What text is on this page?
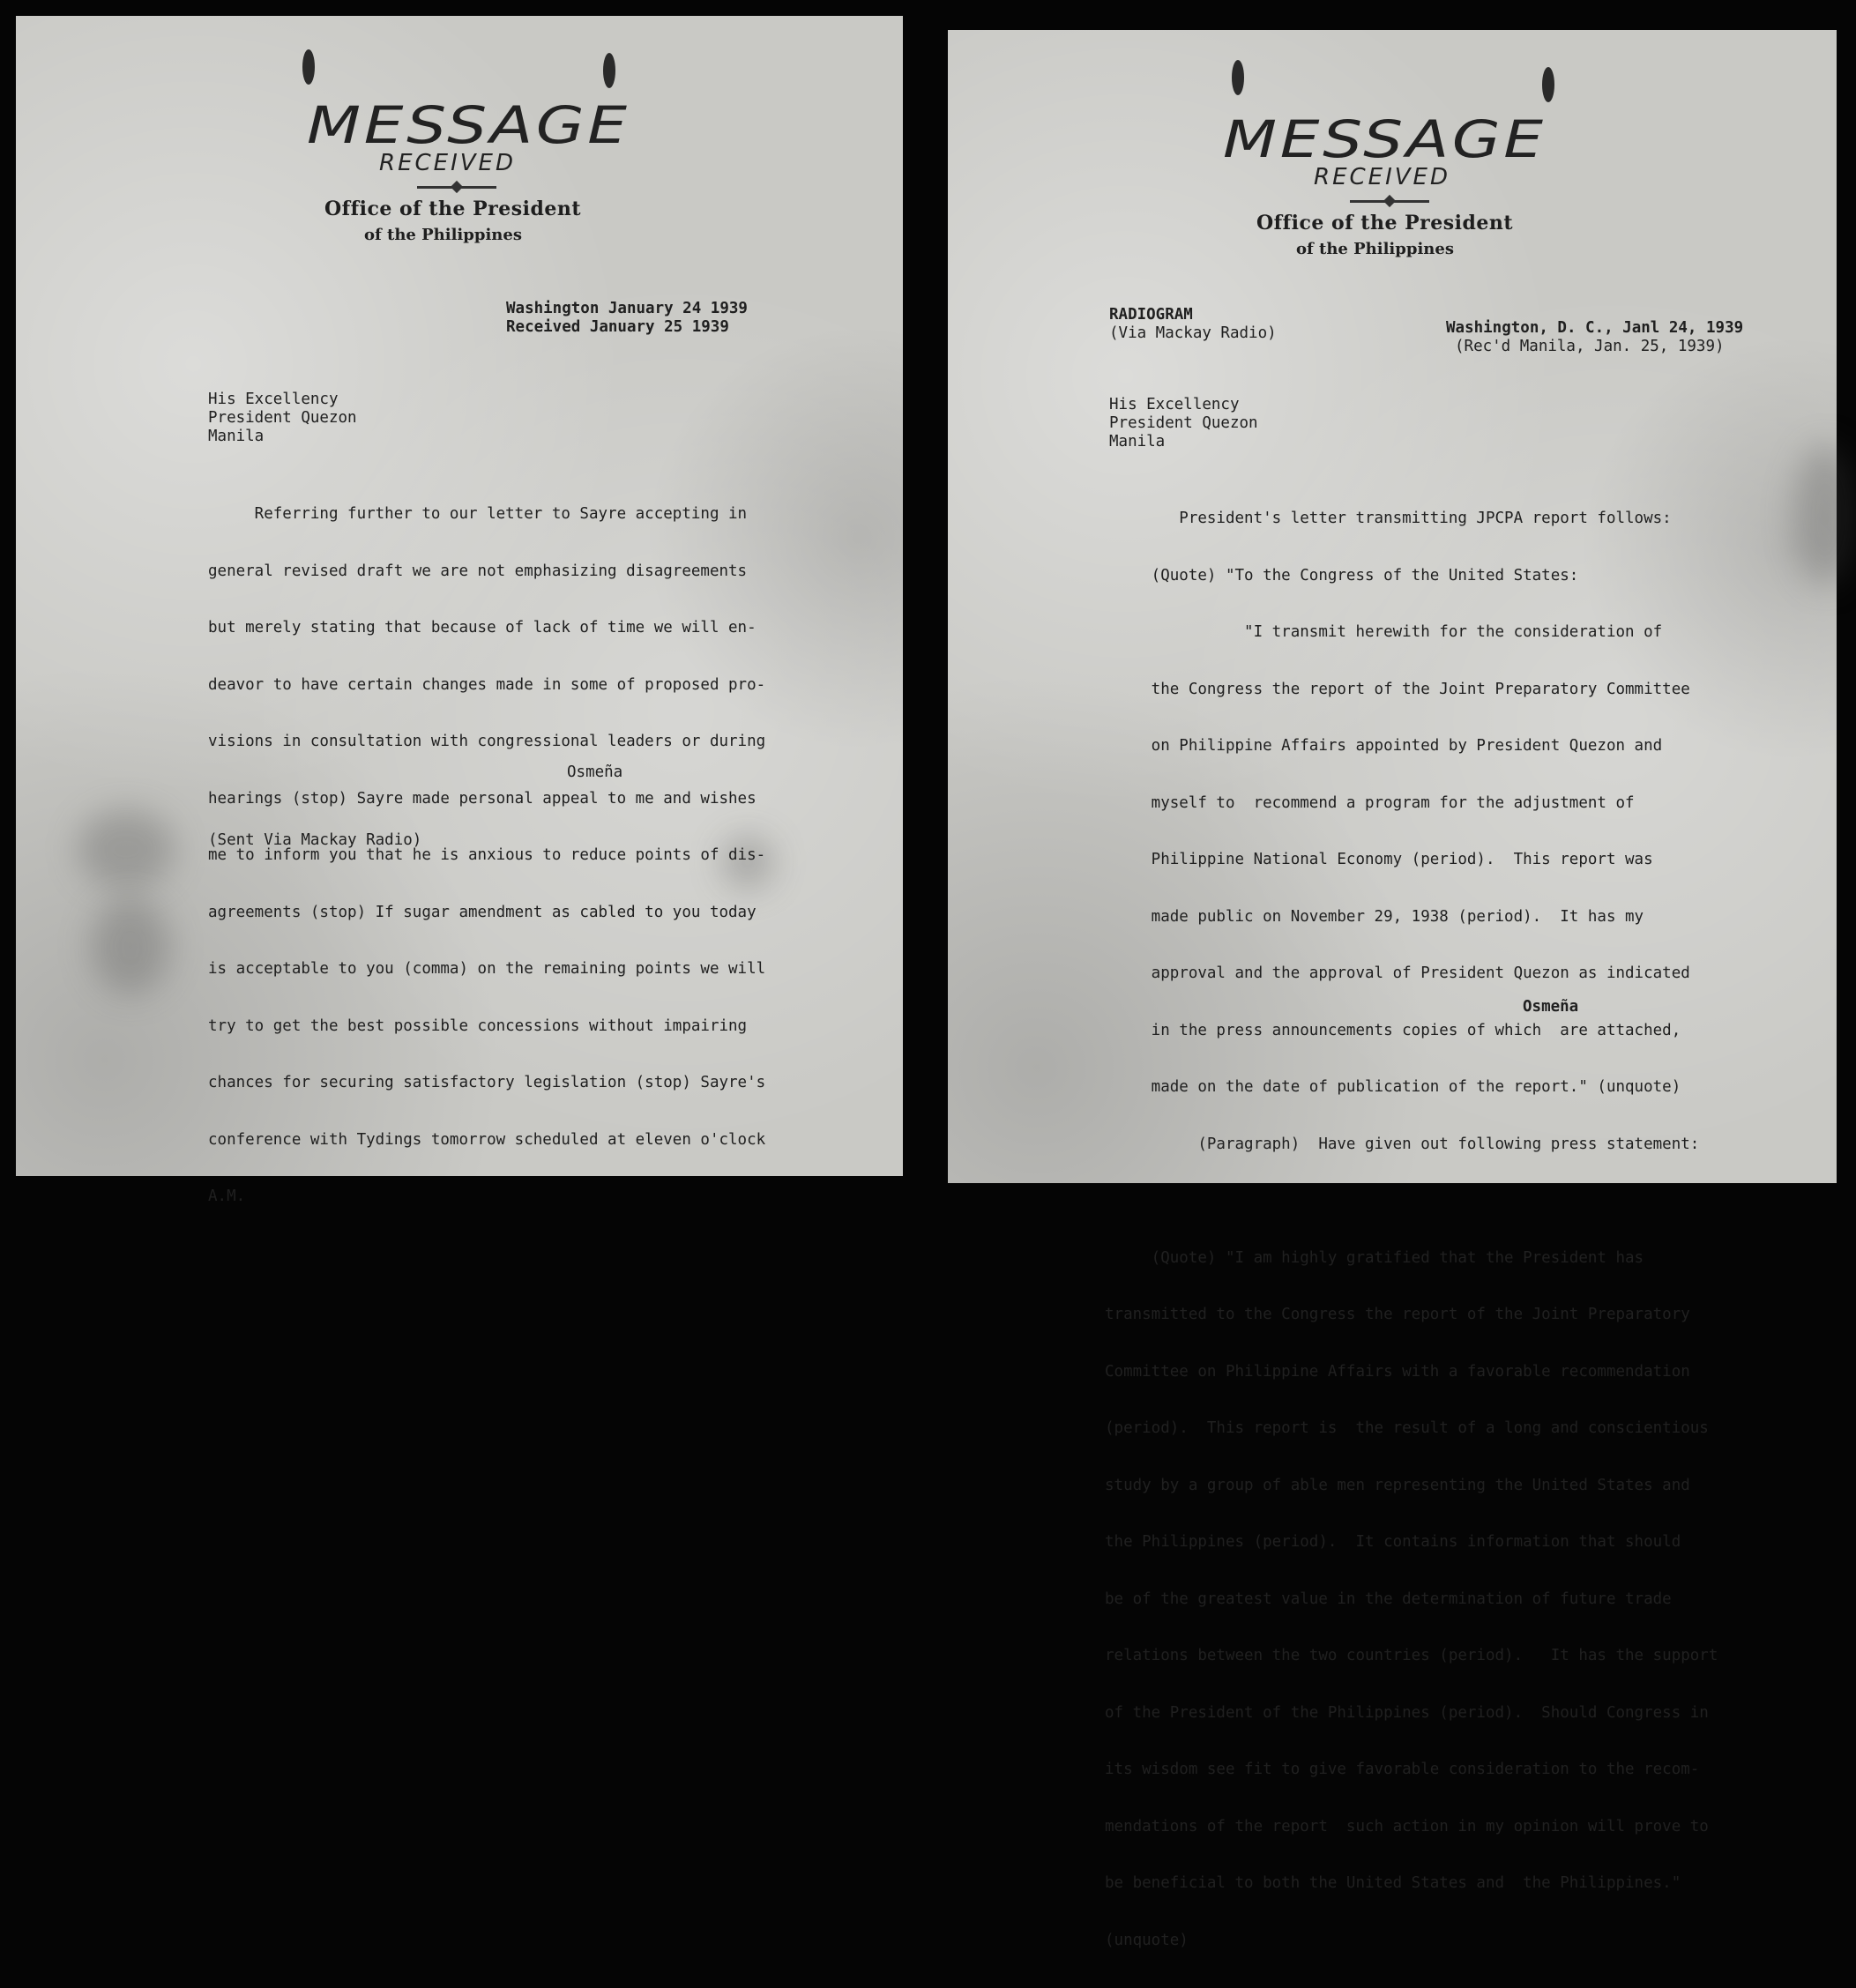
MESSAGE
RECEIVED
Office of the President
of the Philippines
Washington January 24 1939
Received January 25 1939
His Excellency
President Quezon
Manila

Referring further to our letter to Sayre accepting in

general revised draft we are not emphasizing disagreements

but merely stating that because of lack of time we will en-

deavor to have certain changes made in some of proposed pro-

visions in consultation with congressional leaders or during

hearings (stop) Sayre made personal appeal to me and wishes

me to inform you that he is anxious to reduce points of dis-

agreements (stop) If sugar amendment as cabled to you today

is acceptable to you (comma) on the remaining points we will

try to get the best possible concessions without impairing

chances for securing satisfactory legislation (stop) Sayre's

conference with Tydings tomorrow scheduled at eleven o'clock

A.M.

Osmeña
(Sent Via Mackay Radio)
MESSAGE
RECEIVED
Office of the President
of the Philippines
RADIOGRAM
(Via Mackay Radio)	Washington, D. C., Janl 24, 1939
(Rec'd Manila, Jan. 25, 1939)
His Excellency
President Quezon
Manila

President's letter transmitting JPCPA report follows:

(Quote) "To the Congress of the United States:

"I transmit herewith for the consideration of

the Congress the report of the Joint Preparatory Committee

on Philippine Affairs appointed by President Quezon and

myself to  recommend a program for the adjustment of

Philippine National Economy (period).  This report was

made public on November 29, 1938 (period).  It has my

approval and the approval of President Quezon as indicated

in the press announcements copies of which  are attached,

made on the date of publication of the report." (unquote)

(Paragraph)  Have given out following press statement:

(Quote) "I am highly gratified that the President has

transmitted to the Congress the report of the Joint Preparatory

Committee on Philippine Affairs with a favorable recommendation

(period).  This report is  the result of a long and conscientious

study by a group of able men representing the United States and

the Philippines (period).  It contains information that should

be of the greatest value in the determination of future trade

relations between the two countries (period).   It has the support

of the President of the Philippines (period).  Should Congress in

its wisdom see fit to give favorable consideration to the recom-

mendations of the report  such action in my opinion will prove to

be beneficial to both the United States and  the Philippines."

(unquote)

Osmeña
